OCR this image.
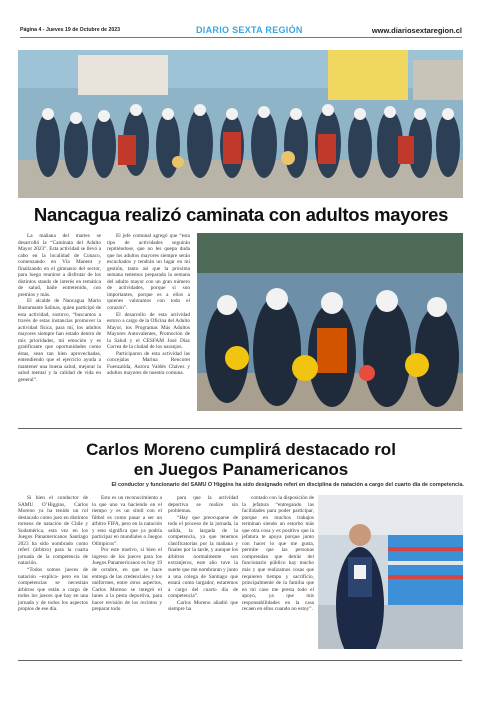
Página 4 - Jueves 19 de Octubre de 2023	DIARIO SEXTA REGIÓN	www.diariosextaregion.cl
Nancagua realizó caminata con adultos mayores

La mañana del martes se desarrolló la “Caminata del Adulto Mayor 2023”. Esta actividad se llevó a cabo en la localidad de Cunaco, comenzando en Vía Manent y finalizando en el gimnasio del sector, para luego reunirse a disfrutar de los distintos stands de interés en temática de salud, baile entretenido, con premios y más.

El alcalde de Nancagua Mario Bustamante Salinas, quien participó de esta actividad, sostuvo, “buscamos a través de estas instancias promover la actividad física, para mí, los adultos mayores siempre han estado dentro de mis prioridades, mi emoción y es gratificante que oportunidades como éstas, sean tan bien aprovechadas, entendiendo que el ejercicio ayuda a mantener una buena salud, mejorar la salud mental y la calidad de vida en general”.

El jefe comunal agregó que “esta tipo de actividades seguirán repitiéndose, que no les quepa duda que los adultos mayores siempre serán escuchados y tendrán un lugar en mi gestión, tanto así que la próxima semana tenemos preparada la semana del adulto mayor con un gran número de actividades, porque si son importantes, porque es a ellos a quienes valoramos con todo el corazón”.

El desarrollo de esta actividad estuvo a cargo de la Oficina del Adulto Mayor, los Programas Más Adultos Mayores Autovalentes, Promoción de la Salud y el CESFAM José Díaz Correa de la ciudad de los naranjos.

Participaron de esta actividad las concejalas Marina Rencoret Fuenzalida, Aurora Valdés Chávez y adultos mayores de nuestra comuna.

Carlos Moreno cumplirá destacado rol
en Juegos Panamericanos
El conductor y funcionario del SAMU O´Higgins ha sido designado referí en disciplina de natación a cargo del cuarto día de competencia.

Si bien el conductor de SAMU O’Higgins, Carlos Moreno ya ha tenido un rol destacado como juez en distintos torneos de natación de Chile y Sudamérica, esta vez en los Juegos Panamericanos Santiago 2023 ha sido nombrado como referí (árbitro) para la cuarta jornada de la competencia de natación.

“Todos somos jueces de natación –explica- pero en las competencias se necesitan árbitros que están a cargo de todos los jueces que hay en una jornada y de todos los aspectos propios de ese día.

Esto es un reconocimiento a lo que uno va haciendo en el tiempo y es un símil con el fútbol es como pasar a ser un árbitro FIFA, pero en la natación y esto significa que ya podría participar en mundiales o Juegos Olímpicos”.

Por este motivo, si bien el ingreso de los jueces para los Juegos Panamericanos es hoy 19 de octubre, en que se hace entrega de las credenciales y los uniformes, entre otros aspectos, Carlos Moreno se integró el lunes a la pesta deportiva, para hacer revisión de los recintos y preparar todo

para que la actividad deportiva se realice sin problemas.

“Hay que preocuparse de todo el proceso de la jornada, la salida, la largada de la competencia, ya que tenemos clasificatorias por la mañana y finales por la tarde, y aunque los árbitros normalmente son extranjeros, este año tuve la suerte que me nombraran y junto a una colega de Santiago que estará como largador, estaremos a cargo del cuarto día de competencia”.

Carlos Moreno añadió que siempre ha

contado con la disposición de la jefatura “entregando las facilidades para poder participar, porque en muchos trabajos terminan siendo un estorbo más que otra cosa y es positivo que la jefatura te apoya porque junto con hacer lo que me gusta, permite que las personas comprendan que detrás del funcionario público hay mucho más y que realizamos cosas que requieren tiempo y sacrificio, principalmente de la familia que en mi caso me presta todo el apoyo, ya que mis responsabilidades en la casa recaen en ellos cuando no estoy”.
